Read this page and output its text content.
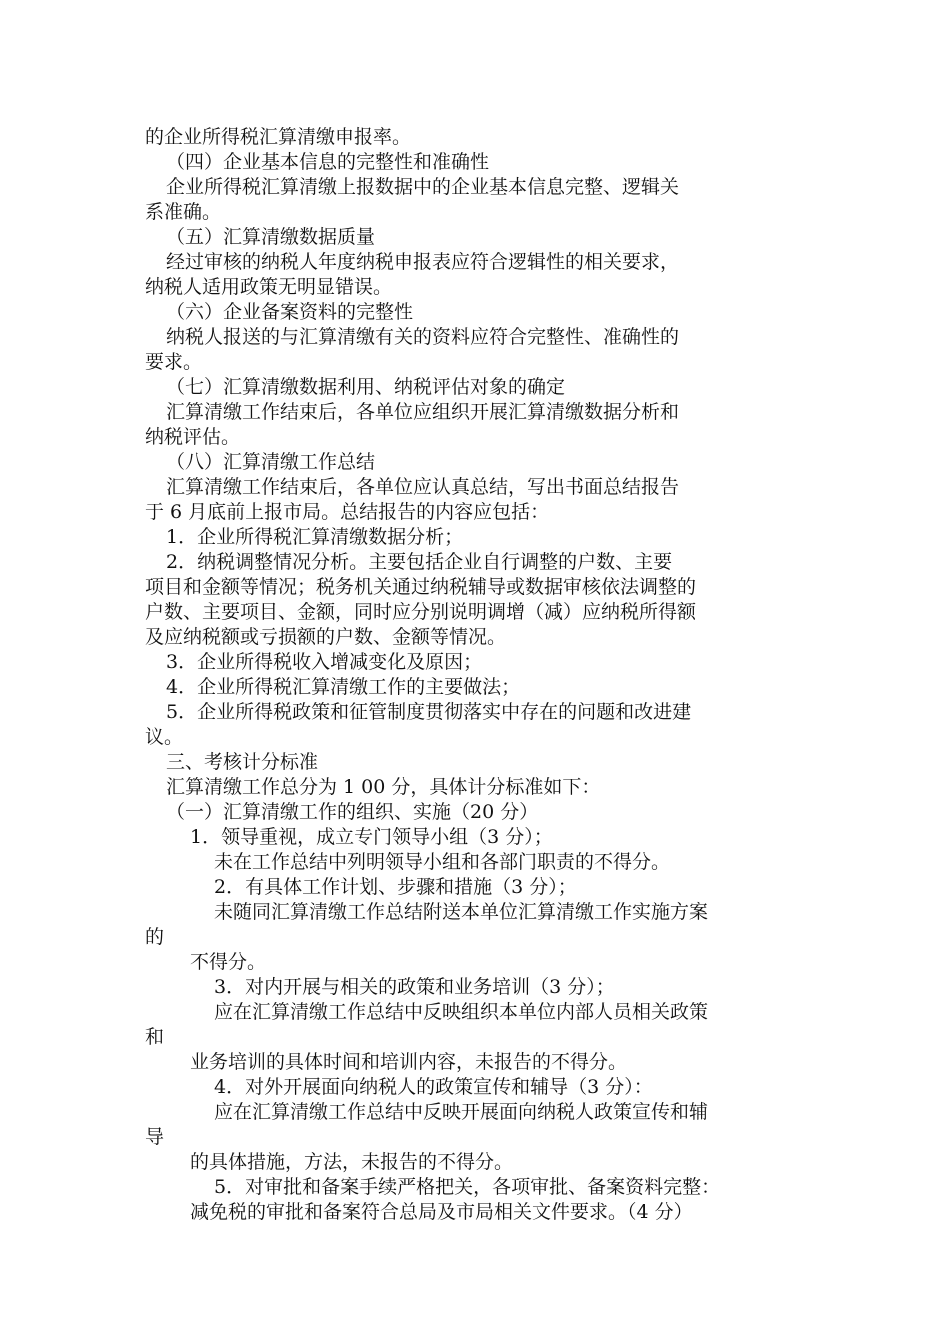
的企业所得税汇算清缴申报率。
（四）企业基本信息的完整性和准确性
企业所得税汇算清缴上报数据中的企业基本信息完整、逻辑关
系准确。
（五）汇算清缴数据质量
经过审核的纳税人年度纳税申报表应符合逻辑性的相关要求，
纳税人适用政策无明显错误。
（六）企业备案资料的完整性
纳税人报送的与汇算清缴有关的资料应符合完整性、准确性的
要求。
（七）汇算清缴数据利用、纳税评估对象的确定
汇算清缴工作结束后，各单位应组织开展汇算清缴数据分析和
纳税评估。
（八）汇算清缴工作总结
汇算清缴工作结束后，各单位应认真总结，写出书面总结报告
于 6 月底前上报市局。总结报告的内容应包括：
1．企业所得税汇算清缴数据分析；
2．纳税调整情况分析。主要包括企业自行调整的户数、主要
项目和金额等情况；税务机关通过纳税辅导或数据审核依法调整的
户数、主要项目、金额，同时应分别说明调增（减）应纳税所得额
及应纳税额或亏损额的户数、金额等情况。
3．企业所得税收入增减变化及原因；
4．企业所得税汇算清缴工作的主要做法；
5．企业所得税政策和征管制度贯彻落实中存在的问题和改进建
议。
三、考核计分标准
汇算清缴工作总分为 1 00 分，具体计分标准如下：
（一）汇算清缴工作的组织、实施（20 分）
1．领导重视，成立专门领导小组（3 分）；
未在工作总结中列明领导小组和各部门职责的不得分。
2．有具体工作计划、步骤和措施（3 分）；
未随同汇算清缴工作总结附送本单位汇算清缴工作实施方案
的
不得分。
3．对内开展与相关的政策和业务培训（3 分）；
应在汇算清缴工作总结中反映组织本单位内部人员相关政策
和
业务培训的具体时间和培训内容，未报告的不得分。
4．对外开展面向纳税人的政策宣传和辅导（3 分）：
应在汇算清缴工作总结中反映开展面向纳税人政策宣传和辅
导
的具体措施，方法，未报告的不得分。
5．对审批和备案手续严格把关，各项审批、备案资料完整：
减免税的审批和备案符合总局及市局相关文件要求。（4 分）
